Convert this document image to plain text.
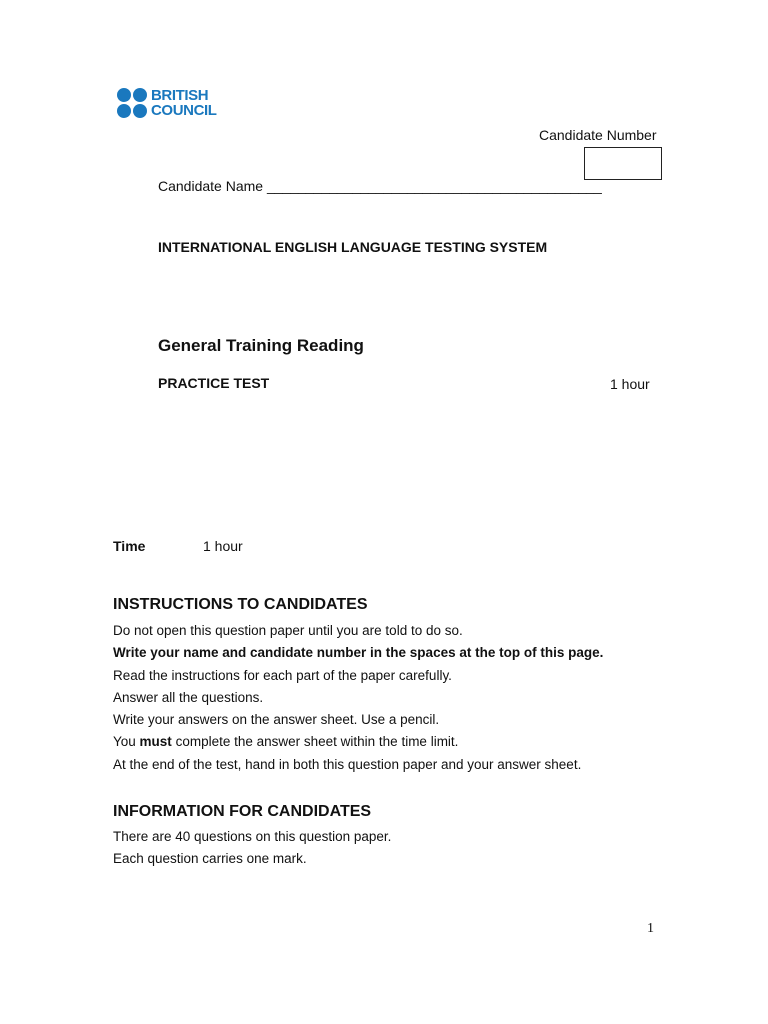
BRITISH
COUNCIL
Candidate Number
Candidate Name ___________________________________________
INTERNATIONAL ENGLISH LANGUAGE TESTING SYSTEM
General Training Reading
PRACTICE TEST	1 hour
Time	1 hour
INSTRUCTIONS TO CANDIDATES
Do not open this question paper until you are told to do so.
Write your name and candidate number in the spaces at the top of this page.
Read the instructions for each part of the paper carefully.
Answer all the questions.
Write your answers on the answer sheet. Use a pencil.
You must complete the answer sheet within the time limit.
At the end of the test, hand in both this question paper and your answer sheet.
INFORMATION FOR CANDIDATES
There are 40 questions on this question paper.
Each question carries one mark.
1
